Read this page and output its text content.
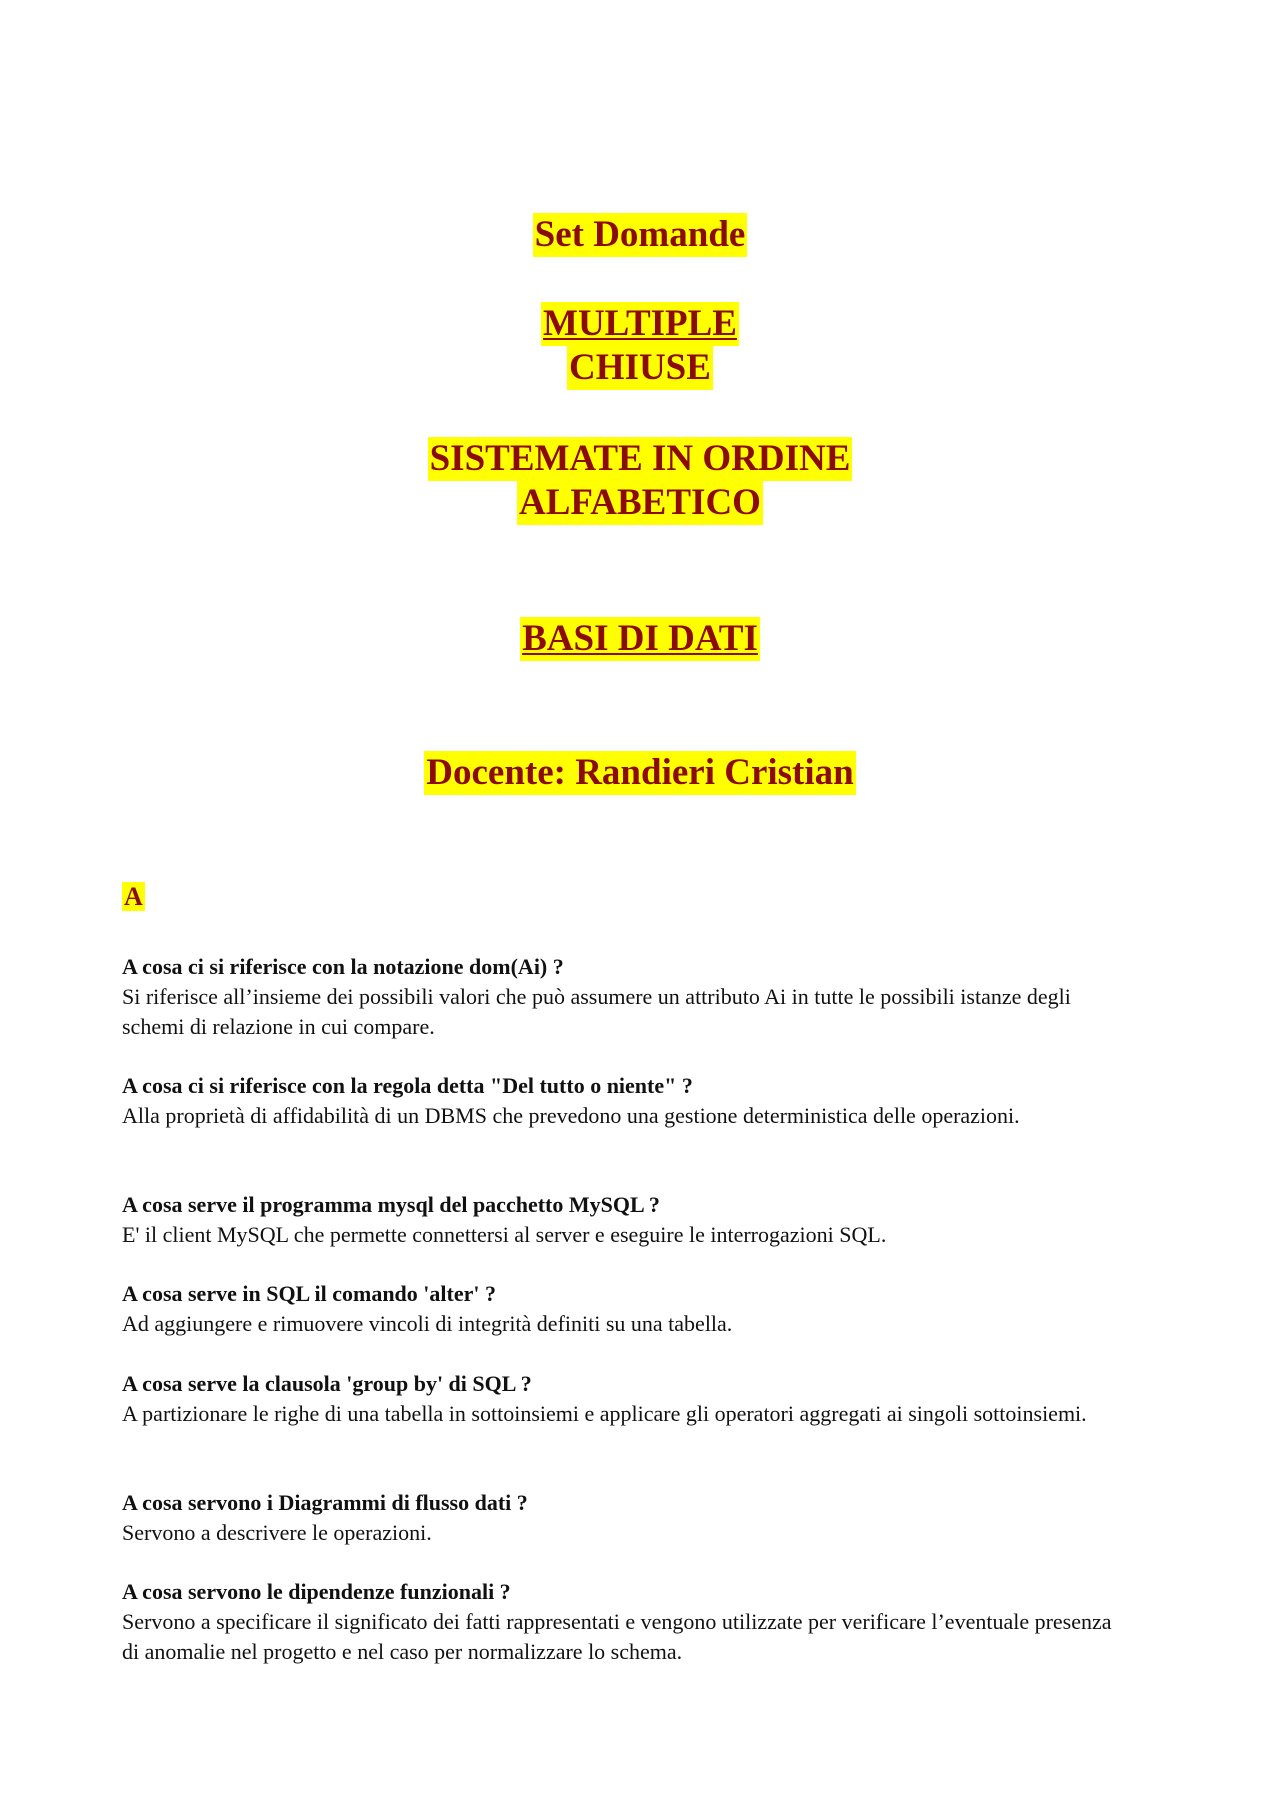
Set Domande
MULTIPLE
CHIUSE
SISTEMATE IN ORDINE
ALFABETICO
BASI DI DATI
Docente: Randieri Cristian
A
A cosa ci si riferisce con la notazione dom(Ai) ?
Si riferisce all’insieme dei possibili valori che può assumere un attributo Ai in tutte le possibili istanze degli schemi di relazione in cui compare.
A cosa ci si riferisce con la regola detta "Del tutto o niente" ?
Alla proprietà di affidabilità di un DBMS che prevedono una gestione deterministica delle operazioni.
A cosa serve il programma mysql del pacchetto MySQL ?
E' il client MySQL che permette connettersi al server e eseguire le interrogazioni SQL.
A cosa serve in SQL il comando 'alter' ?
Ad aggiungere e rimuovere vincoli di integrità definiti su una tabella.
A cosa serve la clausola 'group by' di SQL ?
A partizionare le righe di una tabella in sottoinsiemi e applicare gli operatori aggregati ai singoli sottoinsiemi.
A cosa servono i Diagrammi di flusso dati ?
Servono a descrivere le operazioni.
A cosa servono le dipendenze funzionali ?
Servono a specificare il significato dei fatti rappresentati e vengono utilizzate per verificare l’eventuale presenza di anomalie nel progetto e nel caso per normalizzare lo schema.
